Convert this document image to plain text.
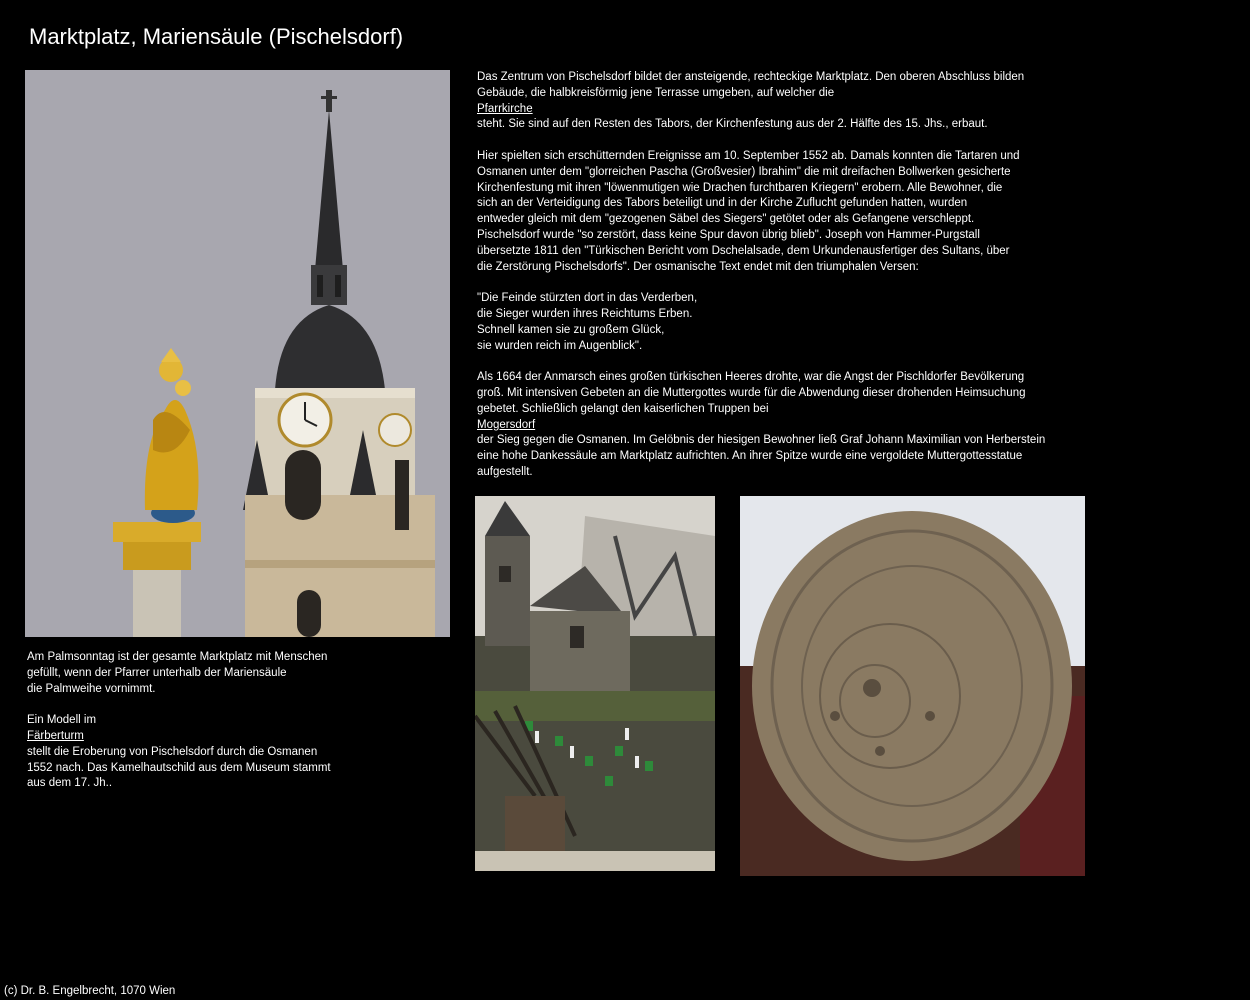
Marktplatz, Mariensäule (Pischelsdorf)
Das Zentrum von Pischelsdorf bildet der ansteigende, rechteckige Marktplatz. Den oberen Abschluss bilden
Gebäude, die halbkreisförmig jene Terrasse umgeben, auf welcher die
Pfarrkirche
steht. Sie sind auf den Resten des Tabors, der Kirchenfestung aus der 2. Hälfte des 15. Jhs., erbaut.
Hier spielten sich erschütternden Ereignisse am 10. September 1552 ab. Damals konnten die Tartaren und
Osmanen unter dem "glorreichen Pascha (Großvesier) Ibrahim" die mit dreifachen Bollwerken gesicherte
Kirchenfestung mit ihren "löwenmutigen wie Drachen furchtbaren Kriegern" erobern. Alle Bewohner, die
sich an der Verteidigung des Tabors beteiligt und in der Kirche Zuflucht gefunden hatten, wurden
entweder gleich mit dem "gezogenen Säbel des Siegers" getötet oder als Gefangene verschleppt.
Pischelsdorf wurde "so zerstört, dass keine Spur davon übrig blieb". Joseph von Hammer-Purgstall
übersetzte 1811 den "Türkischen Bericht vom Dschelalsade, dem Urkundenausfertiger des Sultans, über
die Zerstörung Pischelsdorfs". Der osmanische Text endet mit den triumphalen Versen:
"Die Feinde stürzten dort in das Verderben,
die Sieger wurden ihres Reichtums Erben.
Schnell kamen sie zu großem Glück,
sie wurden reich im Augenblick".
Als 1664 der Anmarsch eines großen türkischen Heeres drohte, war die Angst der Pischldorfer Bevölkerung
groß. Mit intensiven Gebeten an die Muttergottes wurde für die Abwendung dieser drohenden Heimsuchung
gebetet. Schließlich gelangt den kaiserlichen Truppen bei
Mogersdorf
der Sieg gegen die Osmanen. Im Gelöbnis der hiesigen Bewohner ließ Graf Johann Maximilian von Herberstein
eine hohe Dankessäule am Marktplatz aufrichten. An ihrer Spitze wurde eine vergoldete Muttergottesstatue
aufgestellt.
Am Palmsonntag ist der gesamte Marktplatz mit Menschen
gefüllt, wenn der Pfarrer unterhalb der Mariensäule
die Palmweihe vornimmt.
Ein Modell im
Färberturm
stellt die Eroberung von Pischelsdorf durch die Osmanen
1552 nach. Das Kamelhautschild aus dem Museum stammt
aus dem 17. Jh..
(c) Dr. B. Engelbrecht, 1070 Wien
